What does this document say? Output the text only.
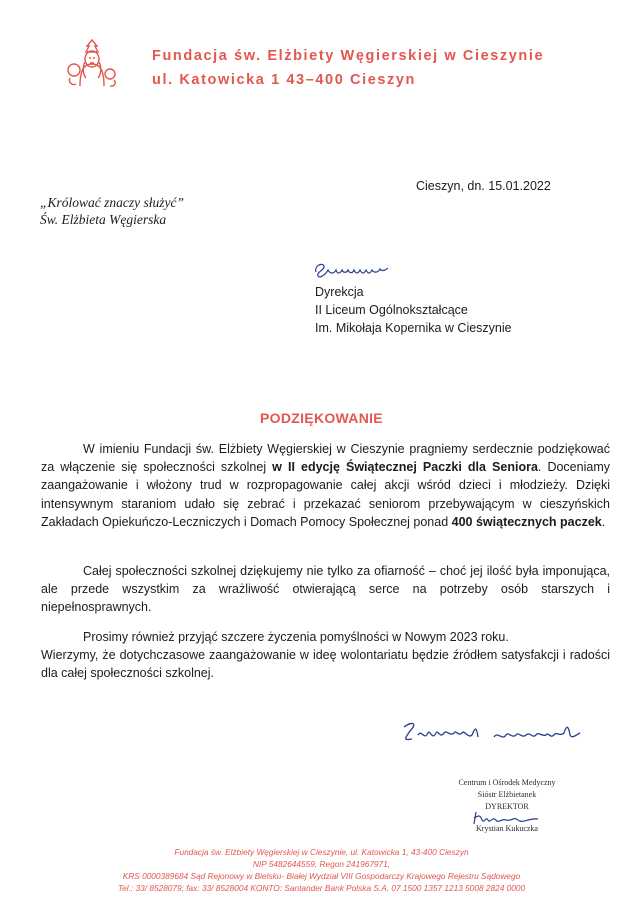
Fundacja św. Elżbiety Węgierskiej w Cieszynie
ul. Katowicka 1 43–400 Cieszyn
Cieszyn, dn. 15.01.2022
„Królować znaczy służyć”
Św. Elżbieta Węgierska
Dyrekcja
II Liceum Ogólnokształcące
Im. Mikołaja Kopernika w Cieszynie
PODZIĘKOWANIE
W imieniu Fundacji św. Elżbiety Węgierskiej w Cieszynie pragniemy serdecznie podziękować za włączenie się społeczności szkolnej w II edycję Świątecznej Paczki dla Seniora. Doceniamy zaangażowanie i włożony trud w rozpropagowanie całej akcji wśród dzieci i młodzieży. Dzięki intensywnym staraniom udało się zebrać i przekazać seniorom przebywającym w cieszyńskich Zakładach Opiekuńczo-Leczniczych i Domach Pomocy Społecznej ponad 400 świątecznych paczek.
Całej społeczności szkolnej dziękujemy nie tylko za ofiarność – choć jej ilość była imponująca, ale przede wszystkim za wrażliwość otwierającą serce na potrzeby osób starszych i niepełnosprawnych.
Prosimy również przyjąć szczere życzenia pomyślności w Nowym 2023 roku.
Wierzymy, że dotychczasowe zaangażowanie w ideę wolontariatu będzie źródłem satysfakcji i radości dla całej społeczności szkolnej.
Centrum i Ośrodek Medyczny
Sióstr Elżbietanek
DYREKTOR
Krystian Kukuczka
Fundacja św. Elżbiety Węgierskiej w Cieszynie, ul. Katowicka 1, 43-400 Cieszyn
NIP 5482644559, Regon 241967971,
KRS 0000389684 Sąd Rejonowy w Bielsku- Białej Wydział VIII Gospodarczy Krajowego Rejestru Sądowego
Tel.: 33/ 8528079; fax: 33/ 8528004 KONTO: Santander Bank Polska S.A. 07 1500 1357 1213 5008 2824 0000
